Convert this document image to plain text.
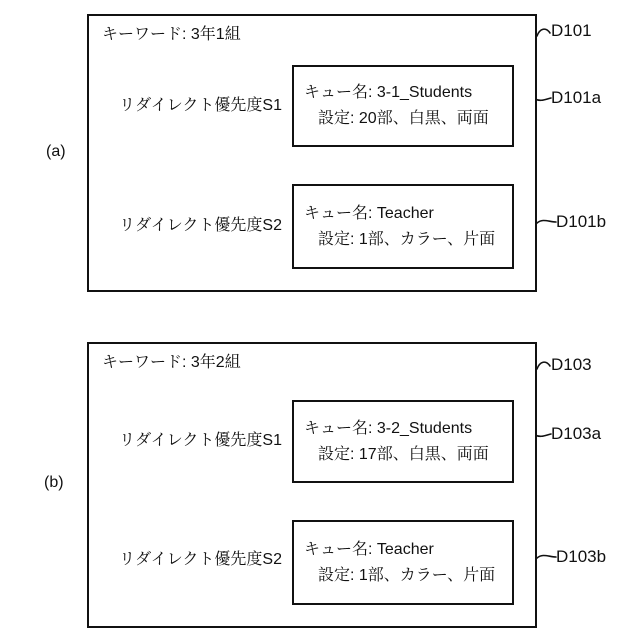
(a)
キーワード: 3年1組
リダイレクト優先度S1
キュー名: 3-1_Students
設定: 20部、白黒、両面
リダイレクト優先度S2
キュー名: Teacher
設定: 1部、カラー、片面
D101
D101a
D101b
(b)
キーワード: 3年2組
リダイレクト優先度S1
キュー名: 3-2_Students
設定: 17部、白黒、両面
リダイレクト優先度S2
キュー名: Teacher
設定: 1部、カラー、片面
D103
D103a
D103b
